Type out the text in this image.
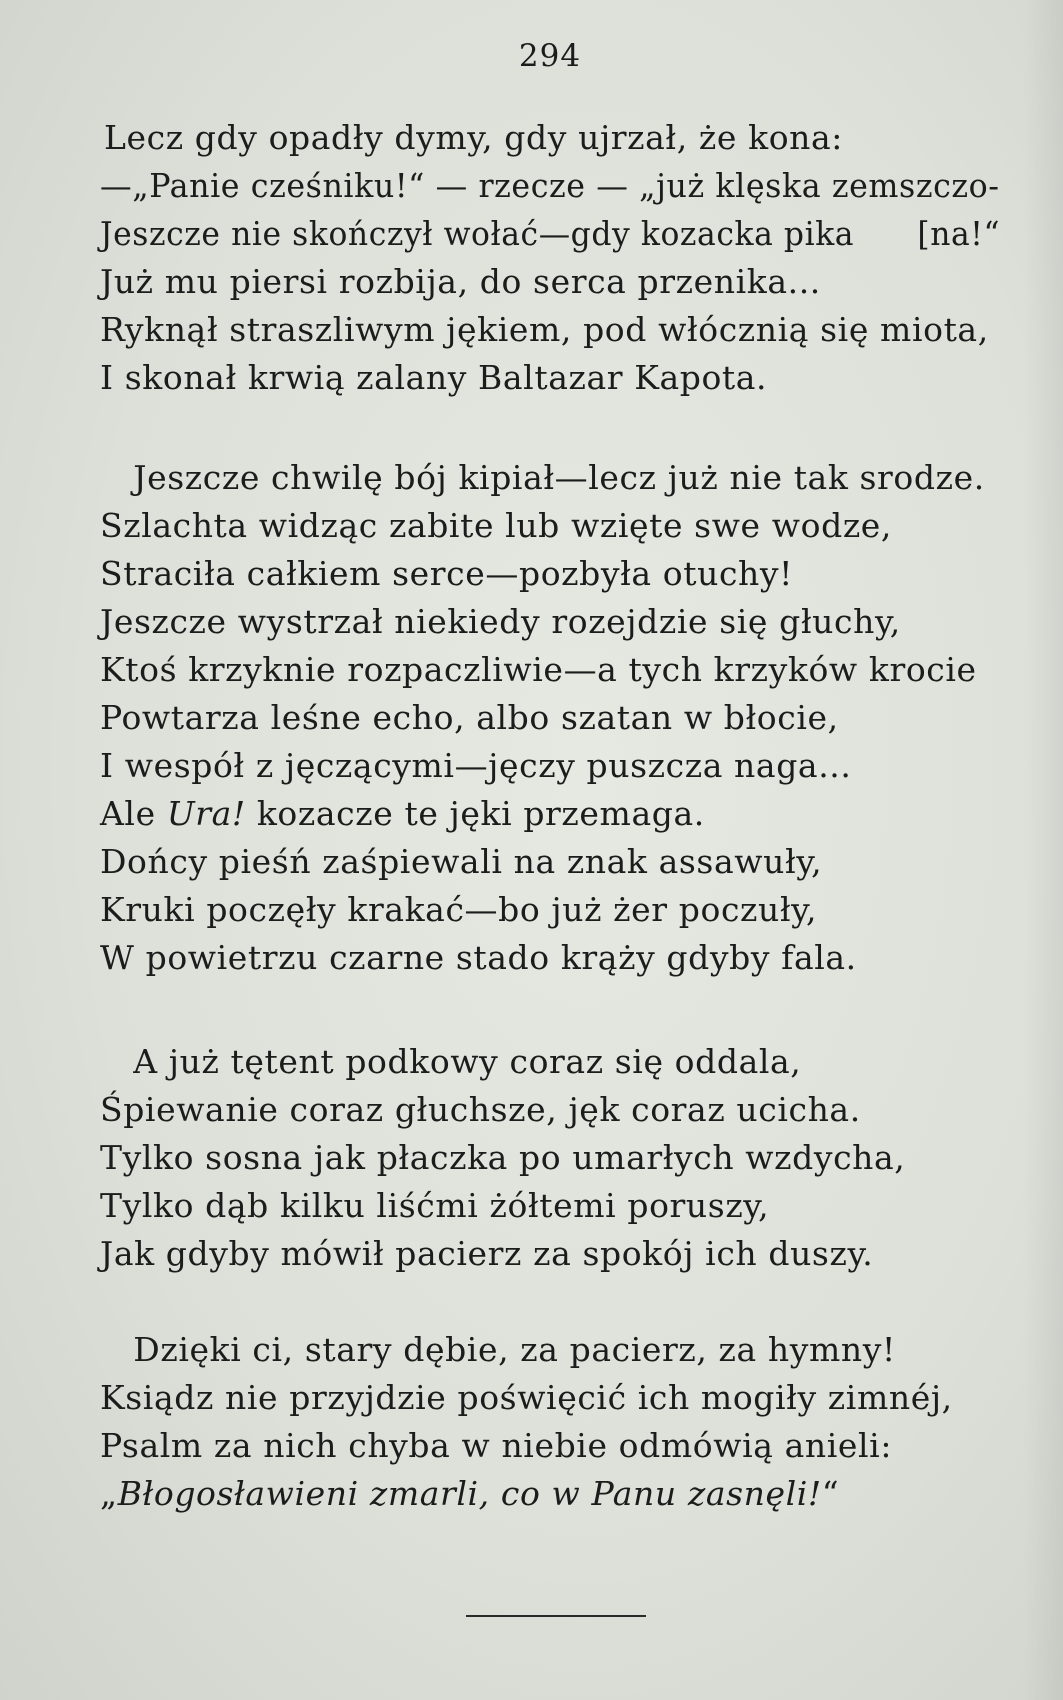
294
Lecz gdy opadły dymy, gdy ujrzał, że kona:
—„Panie cześniku!“ — rzecze — „już klęska zemszczo-
Jeszcze nie skończył wołać—gdy kozacka pika      [na!“
Już mu piersi rozbija, do serca przenika...
Ryknął straszliwym jękiem, pod włócznią się miota,
I skonał krwią zalany Baltazar Kapota.
Jeszcze chwilę bój kipiał—lecz już nie tak srodze.
Szlachta widząc zabite lub wzięte swe wodze,
Straciła całkiem serce—pozbyła otuchy!
Jeszcze wystrzał niekiedy rozejdzie się głuchy,
Ktoś krzyknie rozpaczliwie—a tych krzyków krocie
Powtarza leśne echo, albo szatan w błocie,
I wespół z jęczącymi—jęczy puszcza naga...
Ale Ura! kozacze te jęki przemaga.
Dońcy pieśń zaśpiewali na znak assawuły,
Kruki poczęły krakać—bo już żer poczuły,
W powietrzu czarne stado krąży gdyby fala.
A już tętent podkowy coraz się oddala,
Śpiewanie coraz głuchsze, jęk coraz ucicha.
Tylko sosna jak płaczka po umarłych wzdycha,
Tylko dąb kilku liśćmi żółtemi poruszy,
Jak gdyby mówił pacierz za spokój ich duszy.
Dzięki ci, stary dębie, za pacierz, za hymny!
Ksiądz nie przyjdzie poświęcić ich mogiły zimnéj,
Psalm za nich chyba w niebie odmówią anieli:
„Błogosławieni zmarli, co w Panu zasnęli!“
